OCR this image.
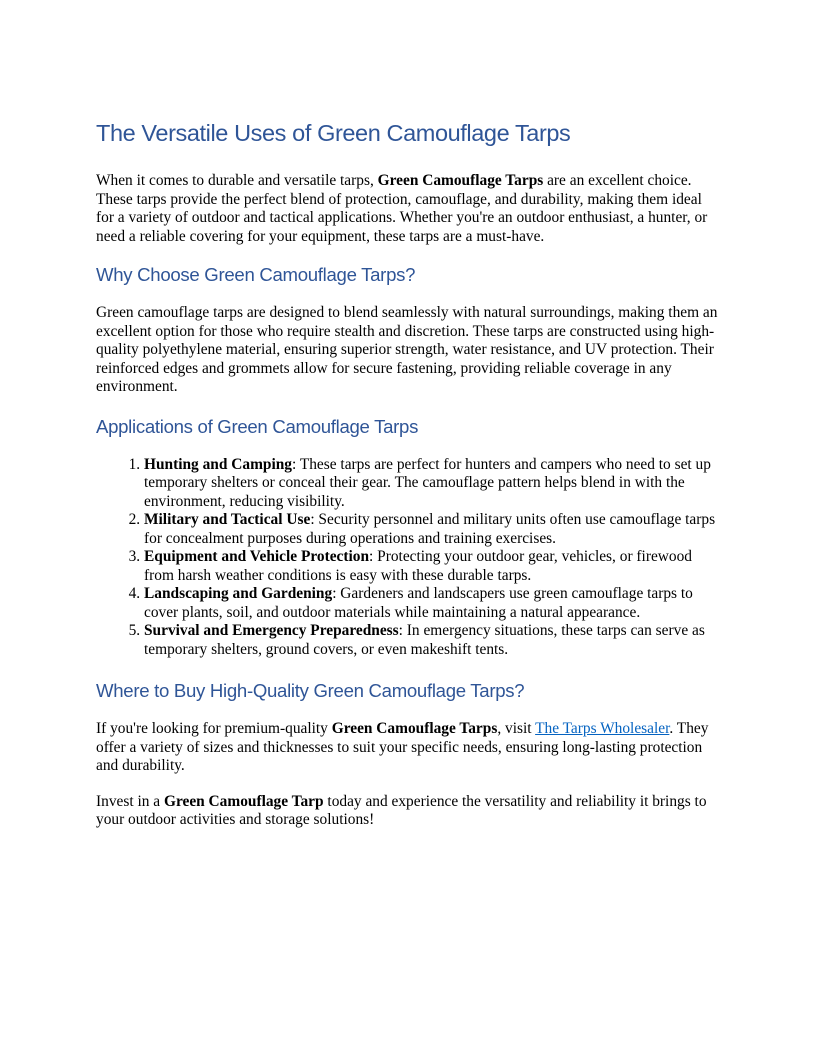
The Versatile Uses of Green Camouflage Tarps

When it comes to durable and versatile tarps, Green Camouflage Tarps are an excellent choice. These tarps provide the perfect blend of protection, camouflage, and durability, making them ideal for a variety of outdoor and tactical applications. Whether you're an outdoor enthusiast, a hunter, or need a reliable covering for your equipment, these tarps are a must-have.

Why Choose Green Camouflage Tarps?

Green camouflage tarps are designed to blend seamlessly with natural surroundings, making them an excellent option for those who require stealth and discretion. These tarps are constructed using high-quality polyethylene material, ensuring superior strength, water resistance, and UV protection. Their reinforced edges and grommets allow for secure fastening, providing reliable coverage in any environment.

Applications of Green Camouflage Tarps
1. Hunting and Camping: These tarps are perfect for hunters and campers who need to set up temporary shelters or conceal their gear. The camouflage pattern helps blend in with the environment, reducing visibility.
2. Military and Tactical Use: Security personnel and military units often use camouflage tarps for concealment purposes during operations and training exercises.
3. Equipment and Vehicle Protection: Protecting your outdoor gear, vehicles, or firewood from harsh weather conditions is easy with these durable tarps.
4. Landscaping and Gardening: Gardeners and landscapers use green camouflage tarps to cover plants, soil, and outdoor materials while maintaining a natural appearance.
5. Survival and Emergency Preparedness: In emergency situations, these tarps can serve as temporary shelters, ground covers, or even makeshift tents.
Where to Buy High-Quality Green Camouflage Tarps?

If you're looking for premium-quality Green Camouflage Tarps, visit The Tarps Wholesaler. They offer a variety of sizes and thicknesses to suit your specific needs, ensuring long-lasting protection and durability.

Invest in a Green Camouflage Tarp today and experience the versatility and reliability it brings to your outdoor activities and storage solutions!
